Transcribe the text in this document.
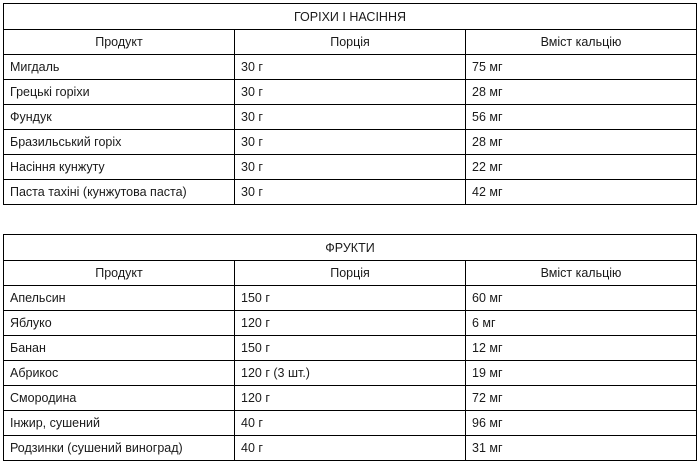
ГОРІХИ І НАСІННЯ		
Продукт	Порція	Вміст кальцію
Мигдаль	30 г	75 мг
Грецькі горіхи	30 г	28 мг
Фундук	30 г	56 мг
Бразильський горіх	30 г	28 мг
Насіння кунжуту	30 г	22 мг
Паста тахіні (кунжутова паста)	30 г	42 мг
ФРУКТИ		
Продукт	Порція	Вміст кальцію
Апельсин	150 г	60 мг
Яблуко	120 г	6 мг
Банан	150 г	12 мг
Абрикос	120 г (3 шт.)	19 мг
Смородина	120 г	72 мг
Інжир, сушений	40 г	96 мг
Родзинки (сушений виноград)	40 г	31 мг
